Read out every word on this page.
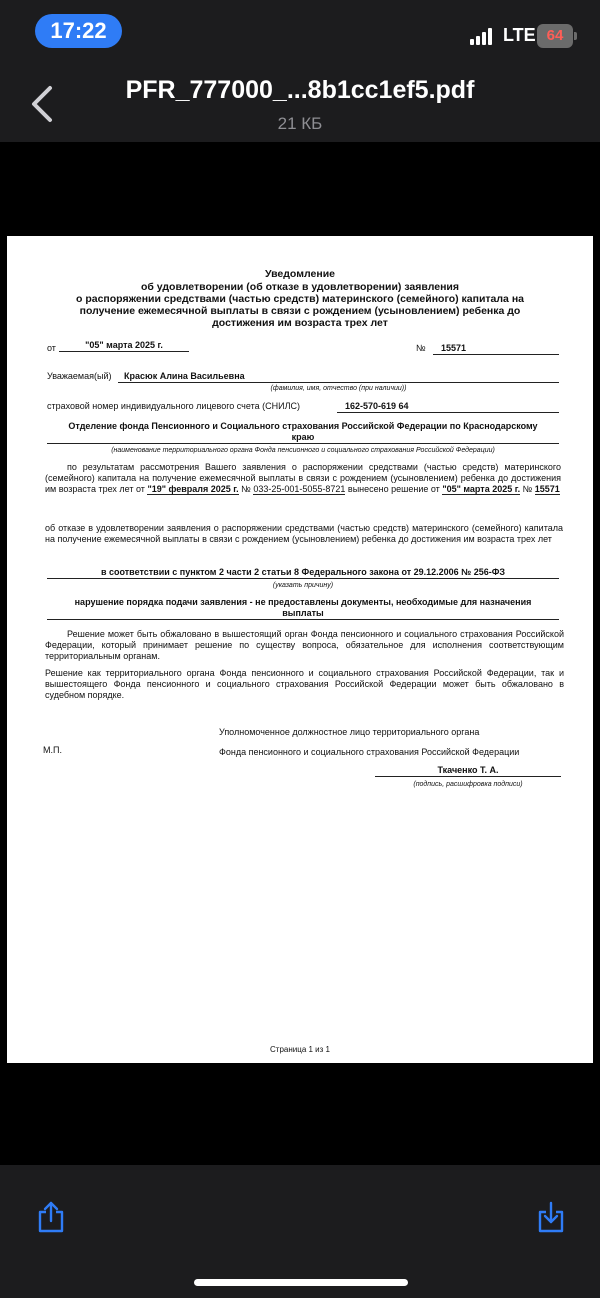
17:22	LTE 64
PFR_777000_...8b1cc1ef5.pdf
21 КБ
Уведомление
об удовлетворении (об отказе в удовлетворении) заявления
о распоряжении средствами (частью средств) материнского (семейного) капитала на
получение ежемесячной выплаты в связи с рождением (усыновлением) ребенка до
достижения им возраста трех лет
от	"05" марта 2025 г.	№	15571
Уважаемая(ый)	Красюк Алина Васильевна
(фамилия, имя, отчество (при наличии))
страховой номер индивидуального лицевого счета (СНИЛС)	162-570-619 64
Отделение фонда Пенсионного и Социального страхования Российской Федерации по Краснодарскому
краю
(наименование территориального органа Фонда пенсионного и социального страхования Российской Федерации)
по результатам рассмотрения Вашего заявления о распоряжении средствами (частью средств) материнского (семейного) капитала на получение ежемесячной выплаты в связи с рождением (усыновлением) ребенка до достижения им возраста трех лет от "19" февраля 2025 г. № 033-25-001-5055-8721 вынесено решение от "05" марта 2025 г. № 15571
об отказе в удовлетворении заявления о распоряжении средствами (частью средств) материнского (семейного) капитала на получение ежемесячной выплаты в связи с рождением (усыновлением) ребенка до достижения им возраста трех лет
в соответствии с пунктом 2 части 2 статьи 8 Федерального закона от 29.12.2006 № 256-ФЗ
(указать причину)
нарушение порядка подачи заявления - не предоставлены документы, необходимые для назначения
выплаты
Решение может быть обжаловано в вышестоящий орган Фонда пенсионного и социального страхования Российской Федерации, который принимает решение по существу вопроса, обязательное для исполнения соответствующим территориальным органам.
Решение как территориального органа Фонда пенсионного и социального страхования Российской Федерации, так и вышестоящего Фонда пенсионного и социального страхования Российской Федерации может быть обжаловано в судебном порядке.
Уполномоченное должностное лицо территориального органа
М.П.	Фонда пенсионного и социального страхования Российской Федерации
Ткаченко Т. А.
(подпись, расшифровка подписи)
Страница 1 из 1
